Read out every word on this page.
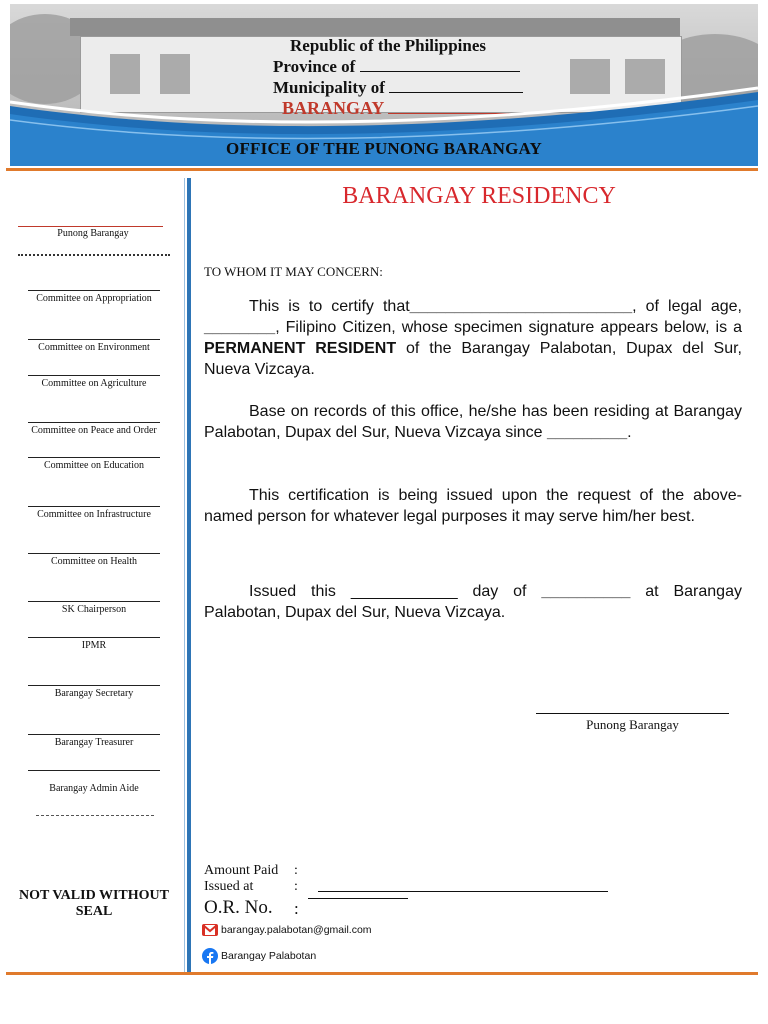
Republic of the Philippines
Province of
Municipality of
BARANGAY
OFFICE OF THE PUNONG BARANGAY
Punong Barangay
Committee on Appropriation
Committee on Environment
Committee on Agriculture
Committee on Peace and Order
Committee on Education
Committee on Infrastructure
Committee on Health
SK Chairperson
IPMR
Barangay Secretary
Barangay Treasurer
Barangay Admin Aide
NOT VALID WITHOUT SEAL
BARANGAY RESIDENCY
TO WHOM IT MAY CONCERN:
This is to certify that_________________________, of legal age, ________, Filipino Citizen, whose specimen signature appears below, is a PERMANENT RESIDENT of the Barangay Palabotan, Dupax del Sur, Nueva Vizcaya.
Base on records of this office, he/she has been residing at Barangay Palabotan, Dupax del Sur, Nueva Vizcaya since _________.
This certification is being issued upon the request of the above-named person for whatever legal purposes it may serve him/her best.
Issued this ____________ day of __________ at Barangay Palabotan, Dupax del Sur, Nueva Vizcaya.
Punong Barangay
Amount Paid :
Issued at	:
O.R. No. :
barangay.palabotan@gmail.com
Barangay Palabotan
